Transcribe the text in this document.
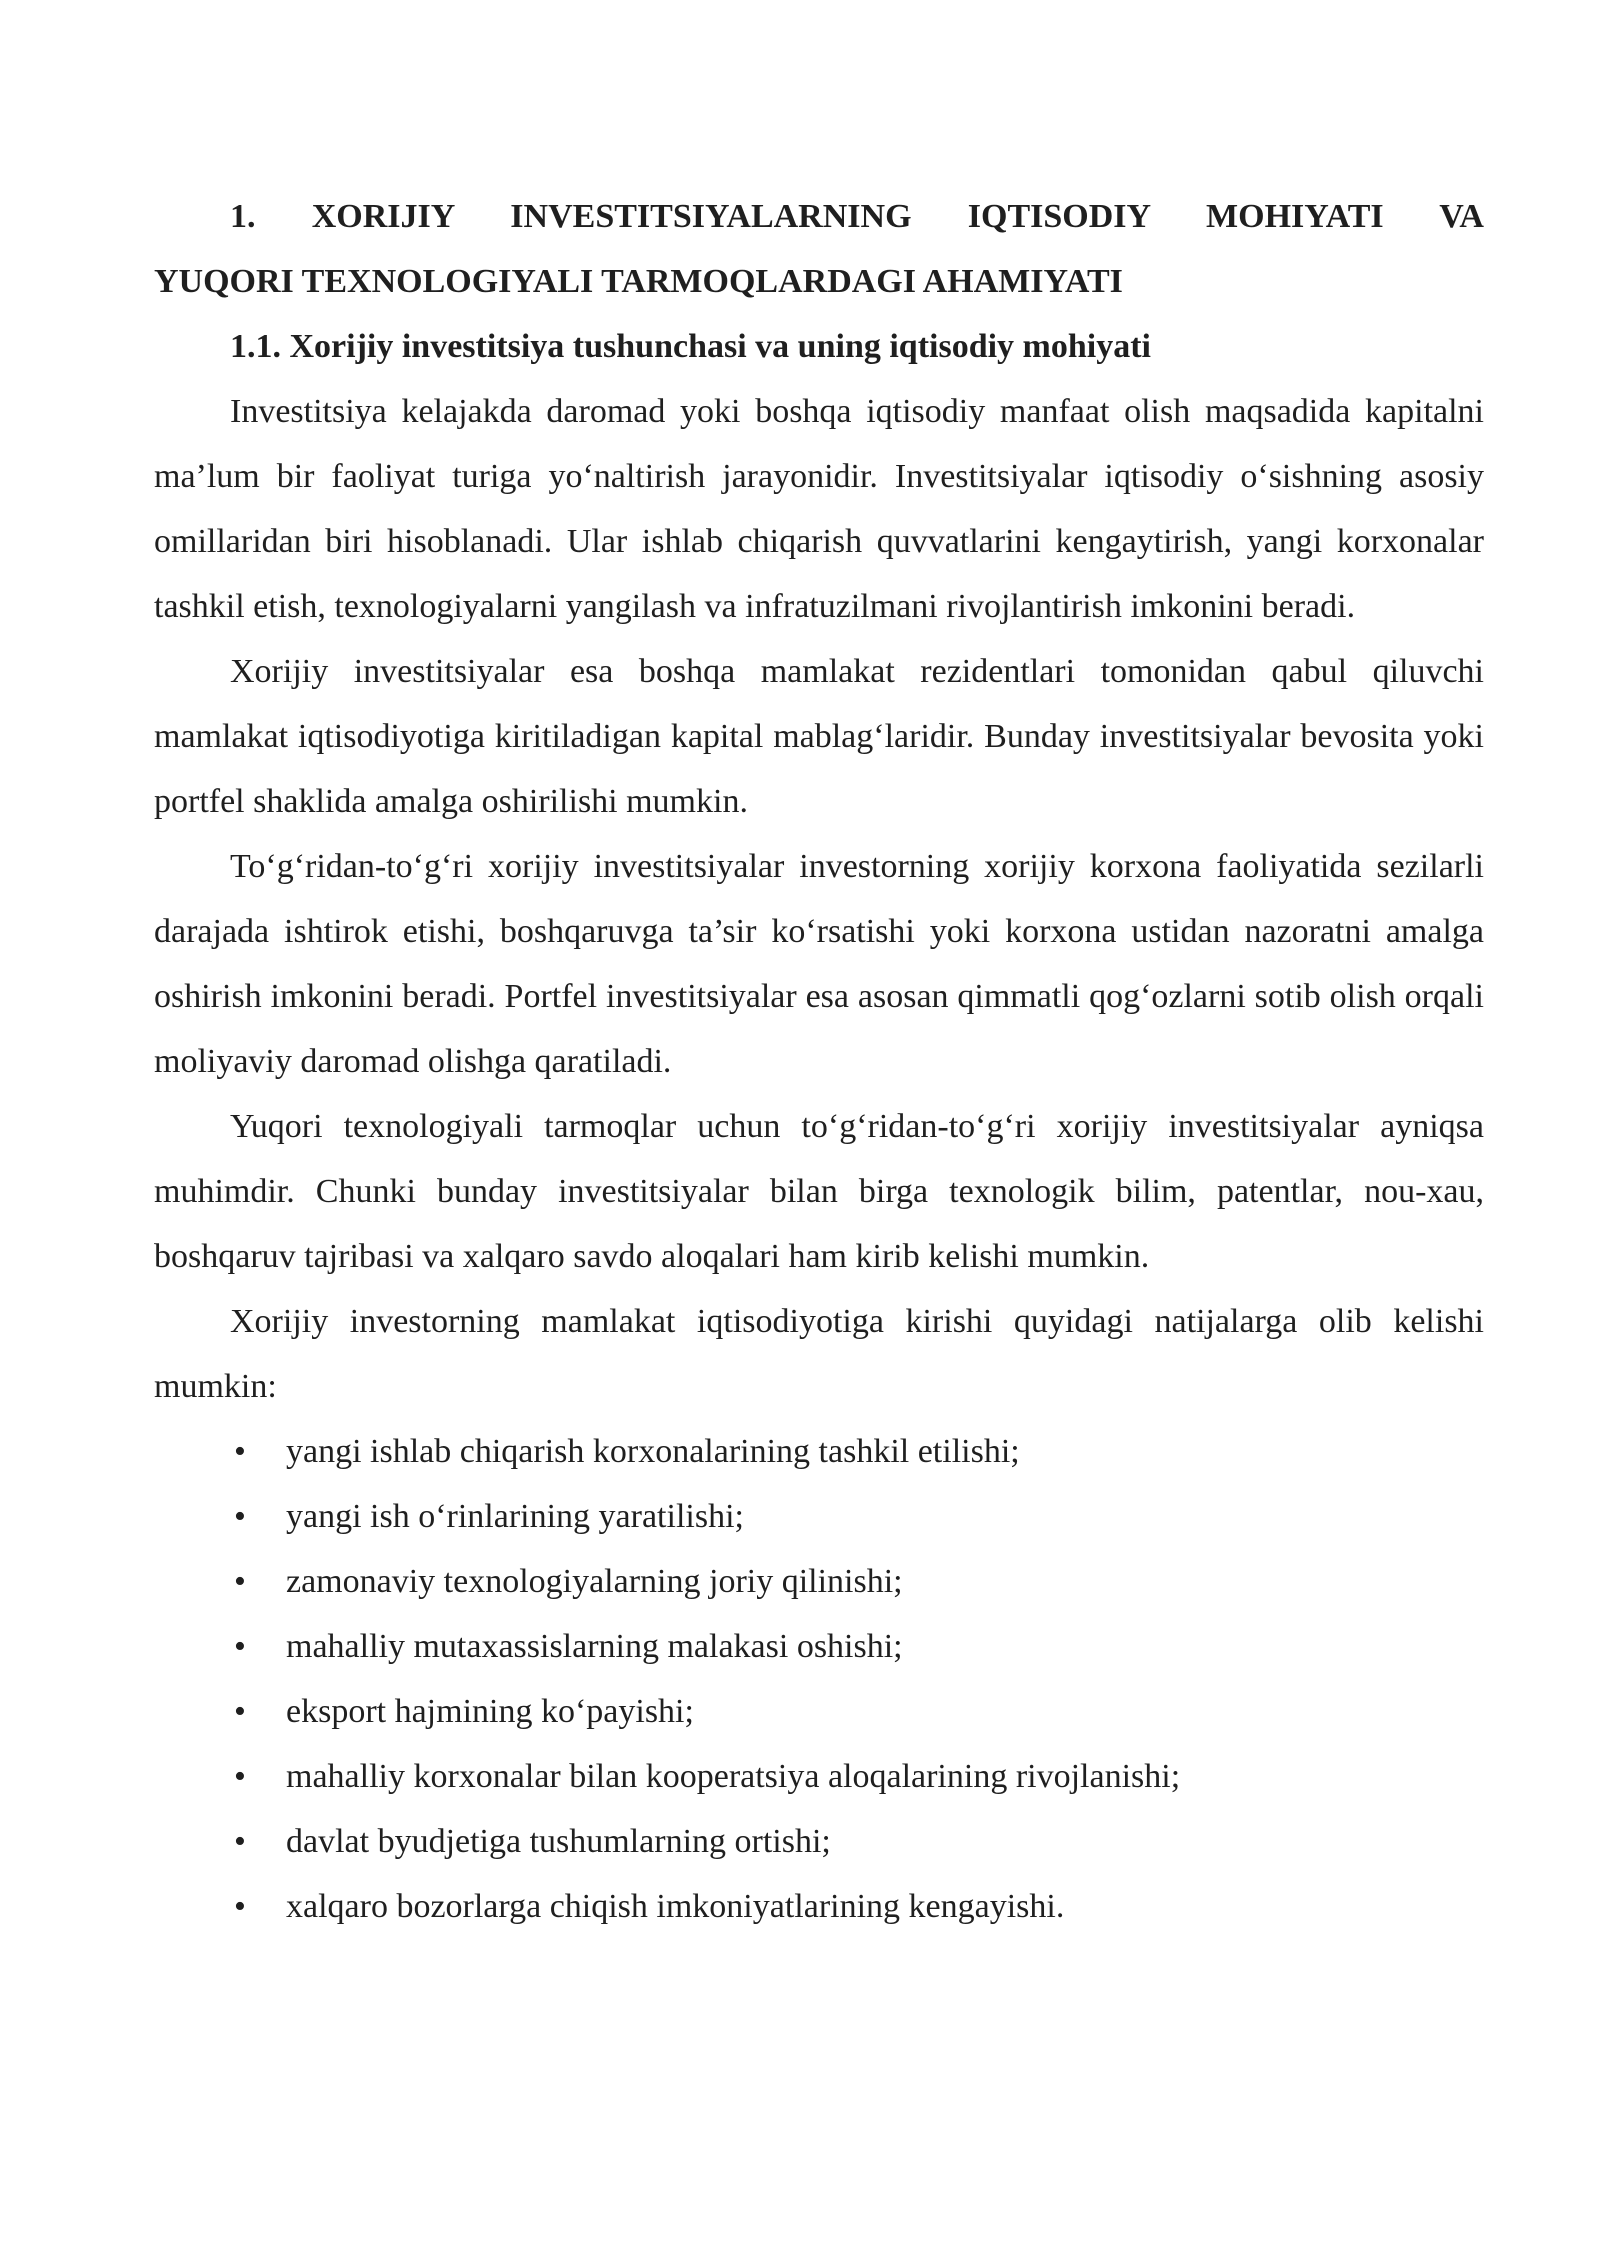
1. XORIJIY INVESTITSIYALARNING IQTISODIY MOHIYATI VA
YUQORI TEXNOLOGIYALI TARMOQLARDAGI AHAMIYATI
1.1. Xorijiy investitsiya tushunchasi va uning iqtisodiy mohiyati

Investitsiya kelajakda daromad yoki boshqa iqtisodiy manfaat olish maqsadida kapitalni ma’lum bir faoliyat turiga yo‘naltirish jarayonidir. Investitsiyalar iqtisodiy o‘sishning asosiy omillaridan biri hisoblanadi. Ular ishlab chiqarish quvvatlarini kengaytirish, yangi korxonalar tashkil etish, texnologiyalarni yangilash va infratuzilmani rivojlantirish imkonini beradi.

Xorijiy investitsiyalar esa boshqa mamlakat rezidentlari tomonidan qabul qiluvchi mamlakat iqtisodiyotiga kiritiladigan kapital mablag‘laridir. Bunday investitsiyalar bevosita yoki portfel shaklida amalga oshirilishi mumkin.

To‘g‘ridan-to‘g‘ri xorijiy investitsiyalar investorning xorijiy korxona faoliyatida sezilarli darajada ishtirok etishi, boshqaruvga ta’sir ko‘rsatishi yoki korxona ustidan nazoratni amalga oshirish imkonini beradi. Portfel investitsiyalar esa asosan qimmatli qog‘ozlarni sotib olish orqali moliyaviy daromad olishga qaratiladi.

Yuqori texnologiyali tarmoqlar uchun to‘g‘ridan-to‘g‘ri xorijiy investitsiyalar ayniqsa muhimdir. Chunki bunday investitsiyalar bilan birga texnologik bilim, patentlar, nou-xau, boshqaruv tajribasi va xalqaro savdo aloqalari ham kirib kelishi mumkin.

Xorijiy investorning mamlakat iqtisodiyotiga kirishi quyidagi natijalarga olib kelishi mumkin:

• yangi ishlab chiqarish korxonalarining tashkil etilishi;
• yangi ish o‘rinlarining yaratilishi;
• zamonaviy texnologiyalarning joriy qilinishi;
• mahalliy mutaxassislarning malakasi oshishi;
• eksport hajmining ko‘payishi;
• mahalliy korxonalar bilan kooperatsiya aloqalarining rivojlanishi;
• davlat byudjetiga tushumlarning ortishi;
• xalqaro bozorlarga chiqish imkoniyatlarining kengayishi.
